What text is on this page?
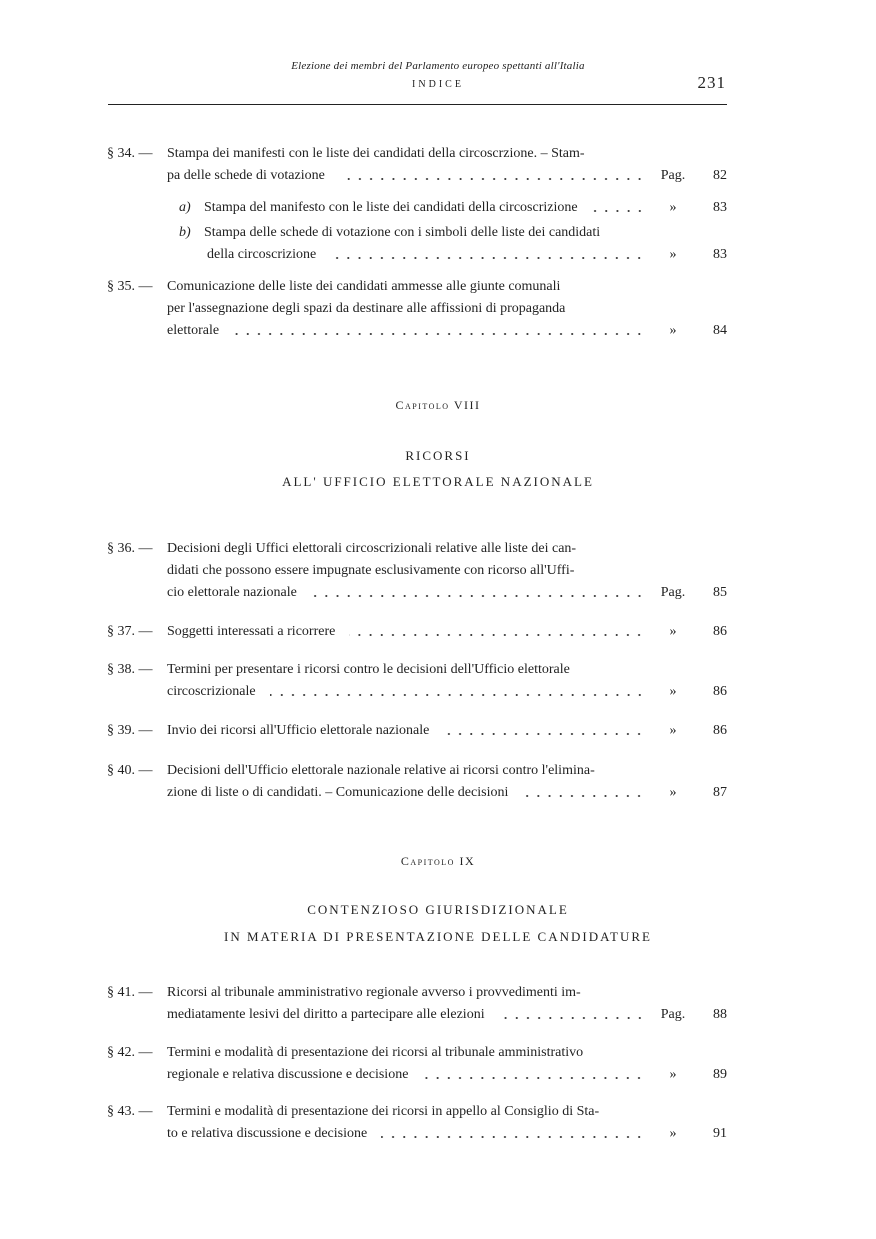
Elezione dei membri del Parlamento europeo spettanti all'Italia
INDICE	231
§ 34. —	Stampa dei manifesti con le liste dei candidati della circoscrzione. – Stam-
pa delle schede di votazione	Pag.	82
a) Stampa del manifesto con le liste dei candidati della circoscrizione	»	83
b) Stampa delle schede di votazione con i simboli delle liste dei candidati
della circoscrizione	»	83
§ 35. —	Comunicazione delle liste dei candidati ammesse alle giunte comunali
per l'assegnazione degli spazi da destinare alle affissioni di propaganda
elettorale	»	84
Capitolo VIII
RICORSI
ALL' UFFICIO ELETTORALE NAZIONALE
§ 36. —	Decisioni degli Uffici elettorali circoscrizionali relative alle liste dei can-
didati che possono essere impugnate esclusivamente con ricorso all'Uffi-
cio elettorale nazionale	Pag.	85
§ 37. —	Soggetti interessati a ricorrere	»	86
§ 38. —	Termini per presentare i ricorsi contro le decisioni dell'Ufficio elettorale
circoscrizionale	»	86
§ 39. —	Invio dei ricorsi all'Ufficio elettorale nazionale	»	86
§ 40. —	Decisioni dell'Ufficio elettorale nazionale relative ai ricorsi contro l'elimina-
zione di liste o di candidati. – Comunicazione delle decisioni	»	87
Capitolo IX
CONTENZIOSO GIURISDIZIONALE
IN MATERIA DI PRESENTAZIONE DELLE CANDIDATURE
§ 41. —	Ricorsi al tribunale amministrativo regionale avverso i provvedimenti im-
mediatamente lesivi del diritto a partecipare alle elezioni	Pag.	88
§ 42. —	Termini e modalità di presentazione dei ricorsi al tribunale amministrativo
regionale e relativa discussione e decisione	»	89
§ 43. —	Termini e modalità di presentazione dei ricorsi in appello al Consiglio di Sta-
to e relativa discussione e decisione	»	91
